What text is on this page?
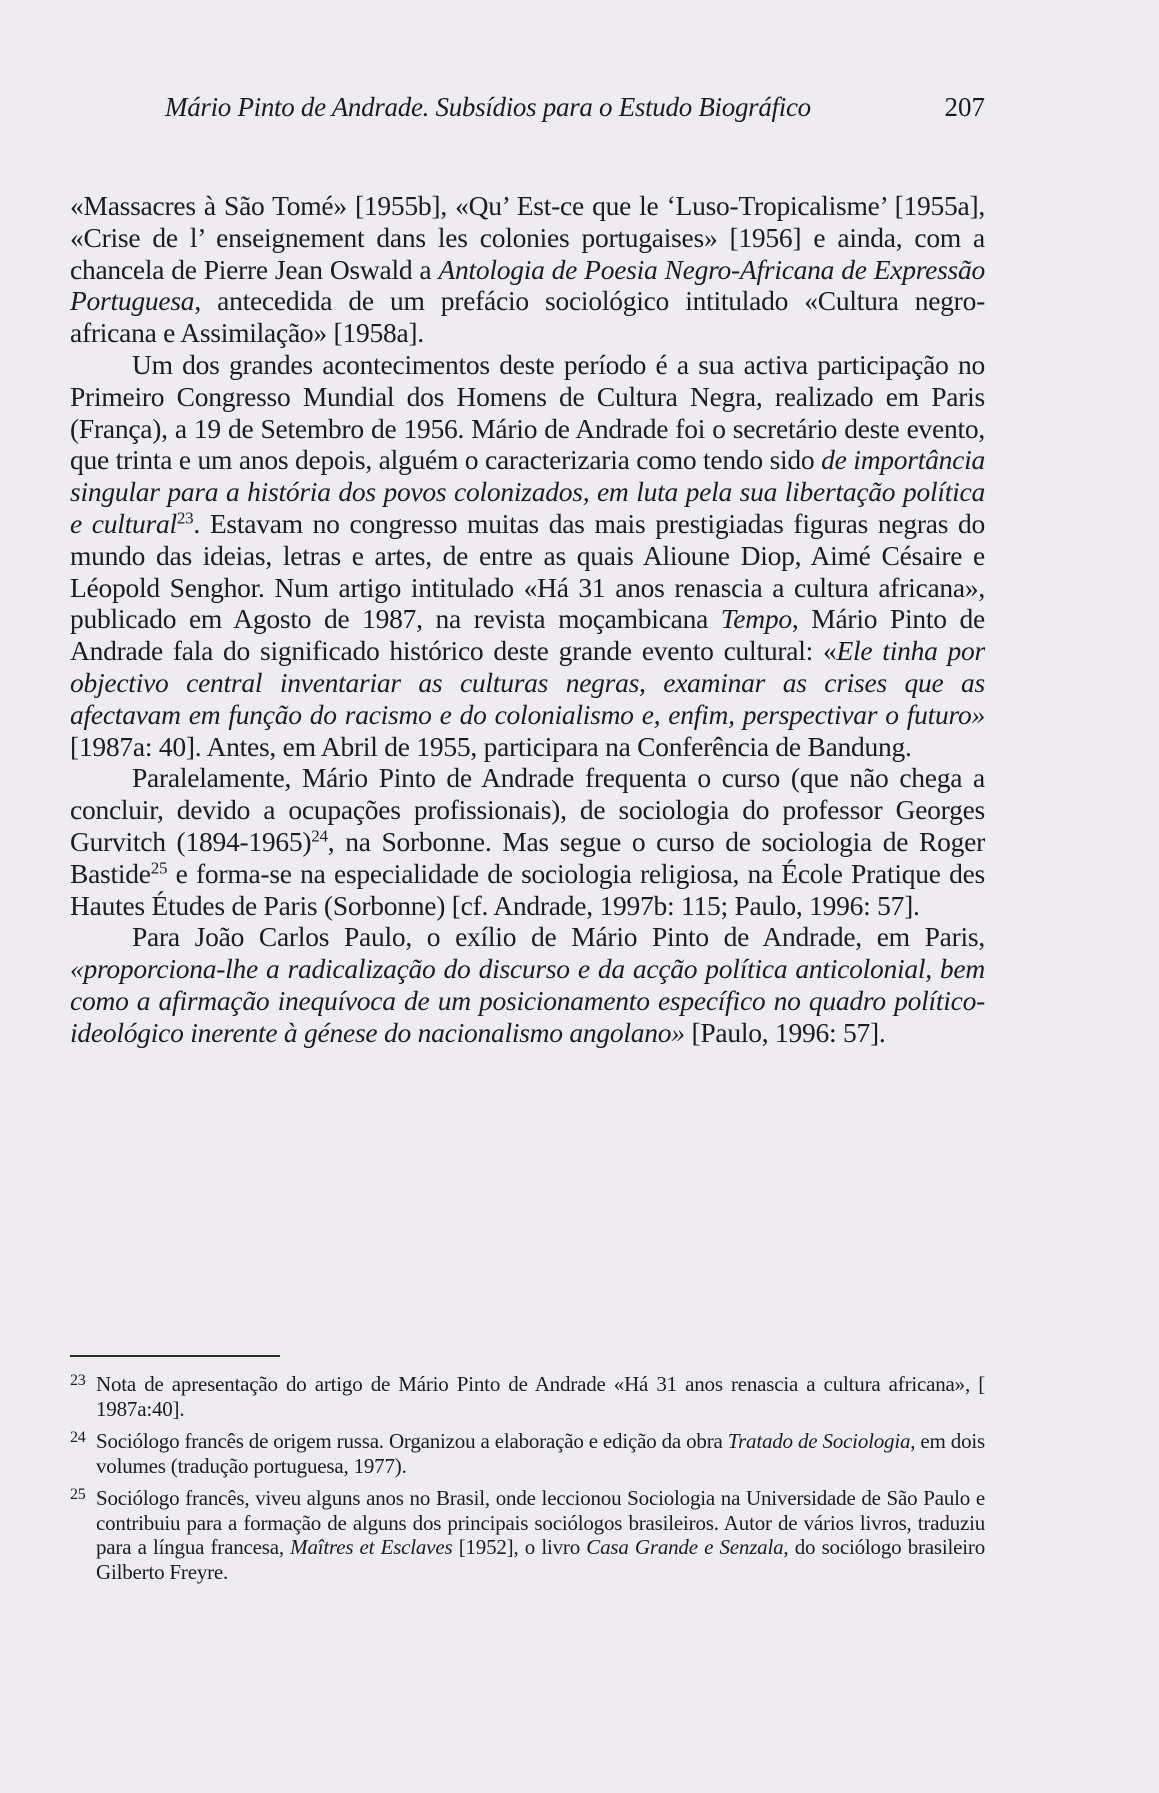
Mário Pinto de Andrade. Subsídios para o Estudo Biográfico	207

«Massacres à São Tomé» [1955b], «Qu’ Est-ce que le ‘Luso-Tropicalisme’ [1955a], «Crise de l’ enseignement dans les colonies portugaises» [1956] e ainda, com a chancela de Pierre Jean Oswald a Antologia de Poesia Negro-Africana de Expressão Portuguesa, antecedida de um prefácio sociológico intitulado «Cultura negro-africana e Assimilação» [1958a].

Um dos grandes acontecimentos deste período é a sua activa participação no Primeiro Congresso Mundial dos Homens de Cultura Negra, realizado em Paris (França), a 19 de Setembro de 1956. Mário de Andrade foi o secretário deste evento, que trinta e um anos depois, alguém o caracterizaria como tendo sido de importância singular para a história dos povos colonizados, em luta pela sua libertação política e cultural$^{23}$. Estavam no congresso muitas das mais prestigiadas figuras negras do mundo das ideias, letras e artes, de entre as quais Alioune Diop, Aimé Césaire e Léopold Senghor. Num artigo intitulado «Há 31 anos renascia a cultura africana», publicado em Agosto de 1987, na revista moçambicana Tempo, Mário Pinto de Andrade fala do significado histórico deste grande evento cultural: «Ele tinha por objectivo central inventariar as culturas negras, examinar as crises que as afectavam em função do racismo e do colonialismo e, enfim, perspectivar o futuro» [1987a: 40]. Antes, em Abril de 1955, participara na Conferência de Bandung.

Paralelamente, Mário Pinto de Andrade frequenta o curso (que não chega a concluir, devido a ocupações profissionais), de sociologia do professor Georges Gurvitch (1894-1965)$^{24}$, na Sorbonne. Mas segue o curso de sociologia de Roger Bastide$^{25}$ e forma-se na especialidade de sociologia religiosa, na École Pratique des Hautes Études de Paris (Sorbonne) [cf. Andrade, 1997b: 115; Paulo, 1996: 57].

Para João Carlos Paulo, o exílio de Mário Pinto de Andrade, em Paris, «proporciona-lhe a radicalização do discurso e da acção política anticolonial, bem como a afirmação inequívoca de um posicionamento específico no quadro político-ideológico inerente à génese do nacionalismo angolano» [Paulo, 1996: 57].

23 Nota de apresentação do artigo de Mário Pinto de Andrade «Há 31 anos renascia a cultura africana», [ 1987a:40].
24 Sociólogo francês de origem russa. Organizou a elaboração e edição da obra Tratado de Sociologia, em dois volumes (tradução portuguesa, 1977).
25 Sociólogo francês, viveu alguns anos no Brasil, onde leccionou Sociologia na Universidade de São Paulo e contribuiu para a formação de alguns dos principais sociólogos brasileiros. Autor de vários livros, traduziu para a língua francesa, Maîtres et Esclaves [1952], o livro Casa Grande e Senzala, do sociólogo brasileiro Gilberto Freyre.
